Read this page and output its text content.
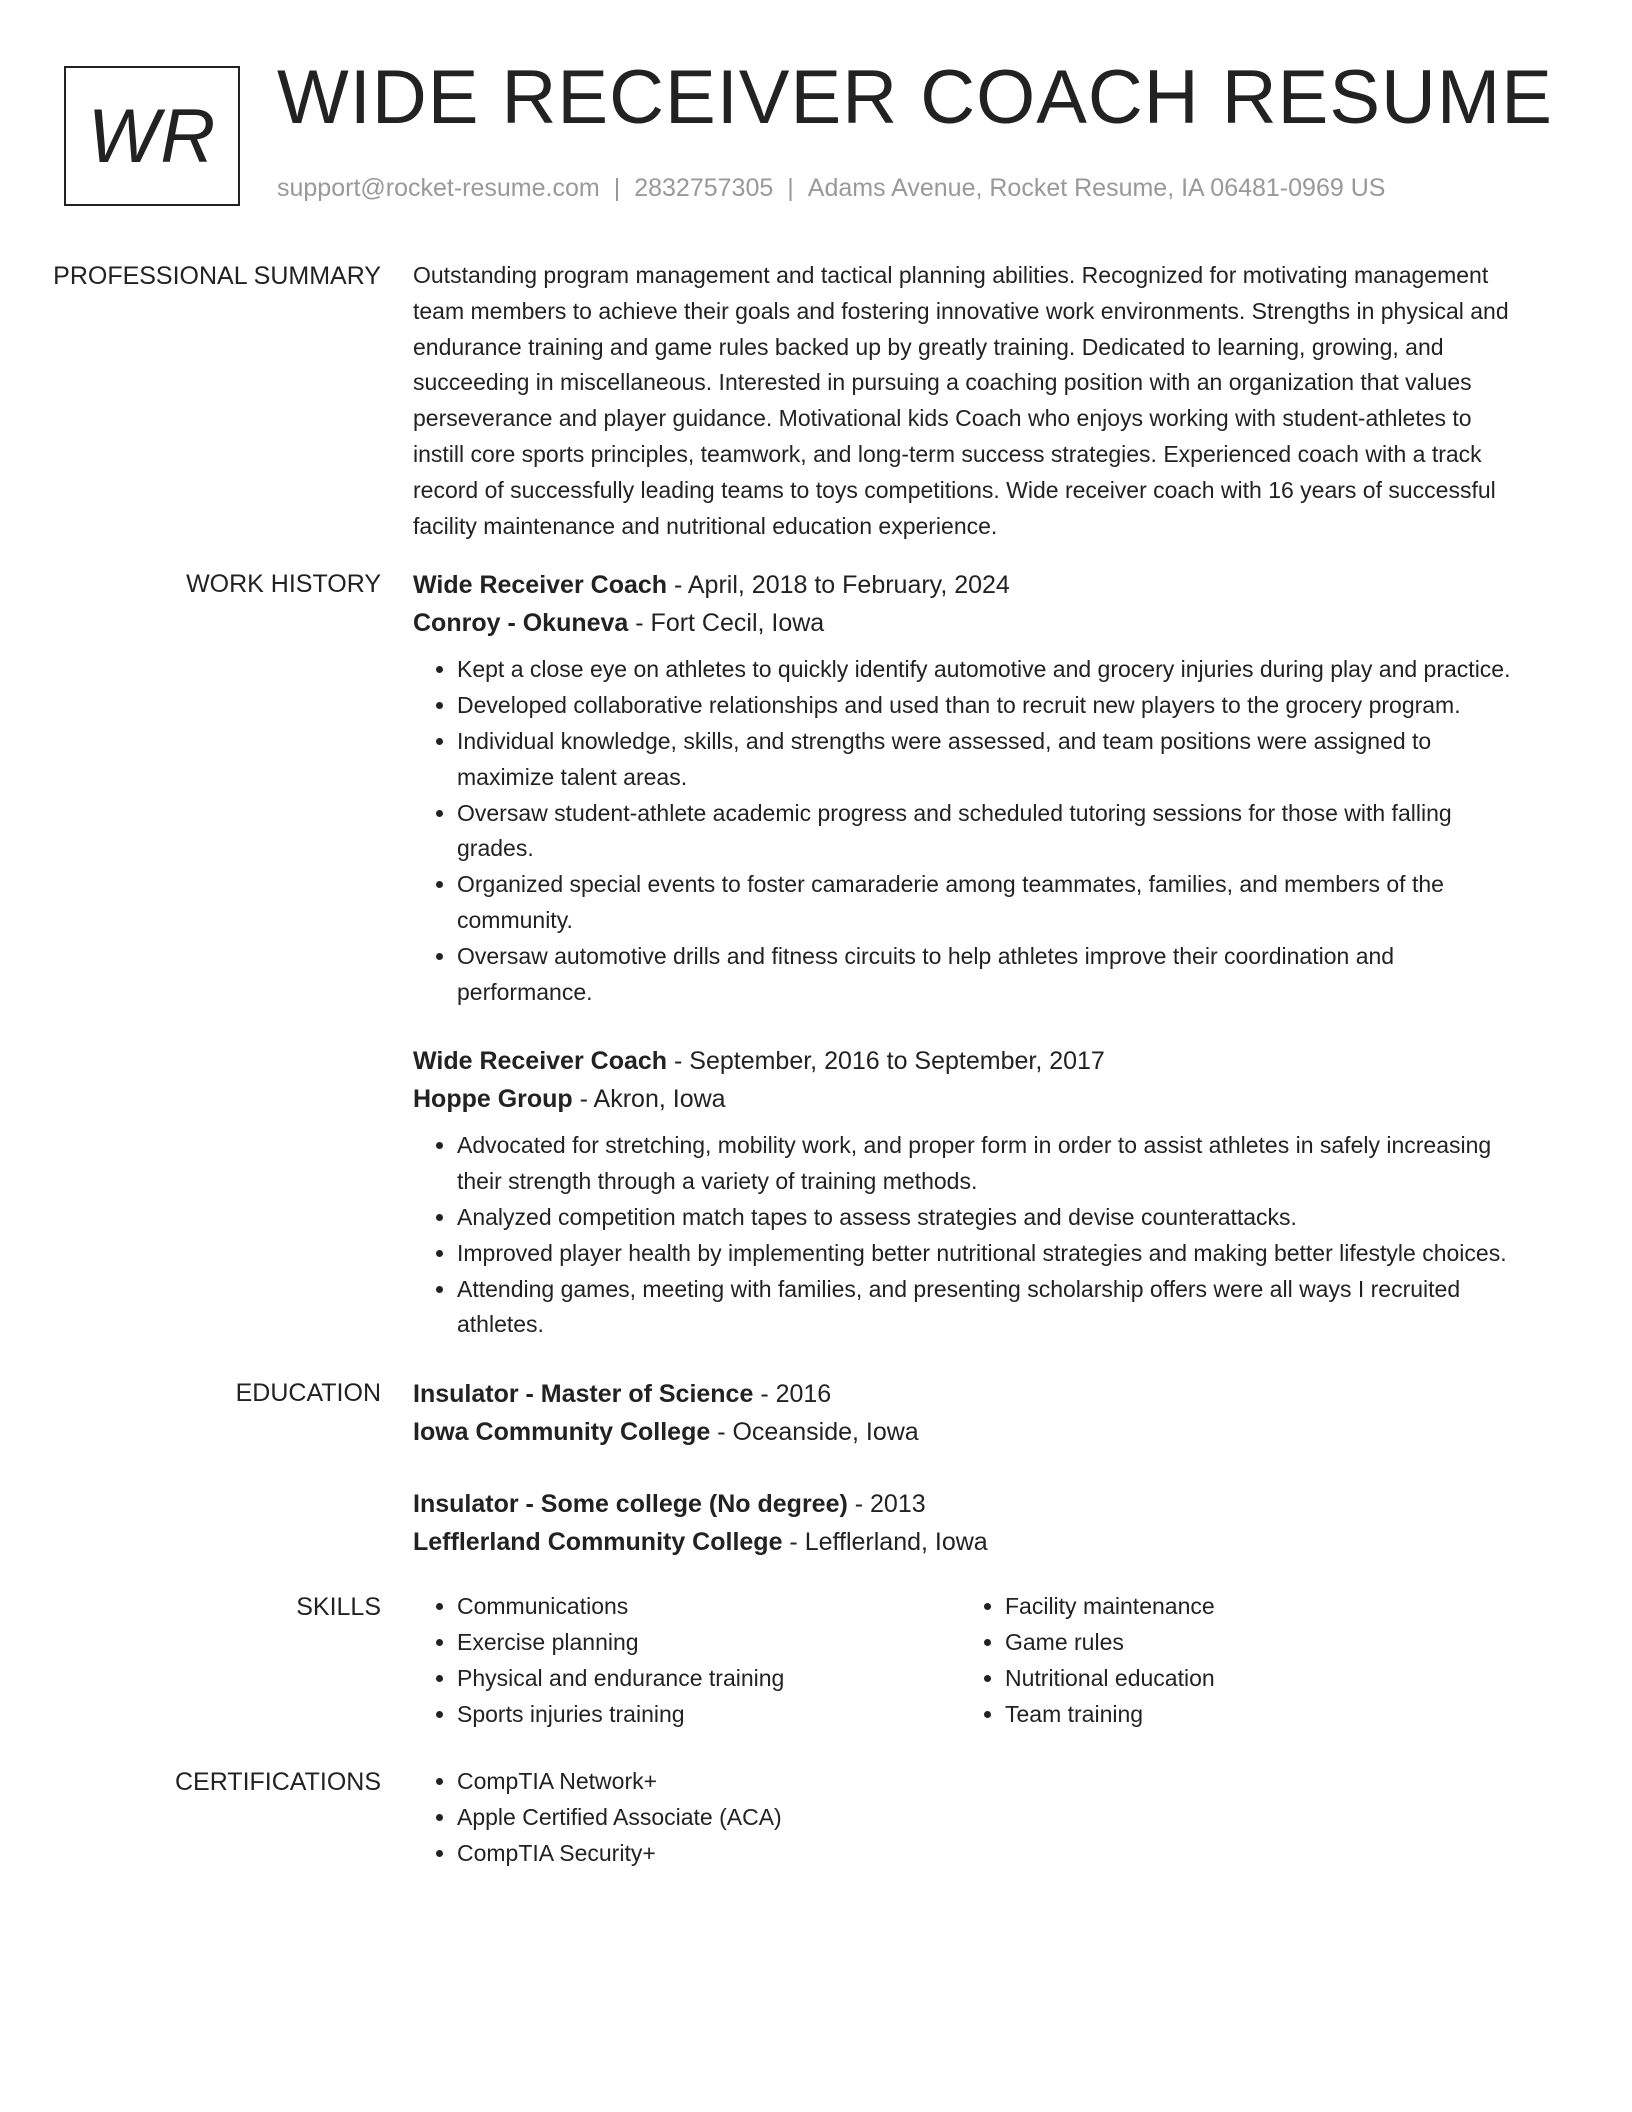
WR WIDE RECEIVER COACH RESUME
support@rocket-resume.com | 2832757305 | Adams Avenue, Rocket Resume, IA 06481-0969 US
PROFESSIONAL SUMMARY	Outstanding program management and tactical planning abilities. Recognized for motivating management team members to achieve their goals and fostering innovative work environments. Strengths in physical and endurance training and game rules backed up by greatly training. Dedicated to learning, growing, and succeeding in miscellaneous. Interested in pursuing a coaching position with an organization that values perseverance and player guidance. Motivational kids Coach who enjoys working with student-athletes to instill core sports principles, teamwork, and long-term success strategies. Experienced coach with a track record of successfully leading teams to toys competitions. Wide receiver coach with 16 years of successful facility maintenance and nutritional education experience.

WORK HISTORY	Wide Receiver Coach - April, 2018 to February, 2024
Conroy - Okuneva - Fort Cecil, Iowa
• Kept a close eye on athletes to quickly identify automotive and grocery injuries during play and practice.
• Developed collaborative relationships and used than to recruit new players to the grocery program.
• Individual knowledge, skills, and strengths were assessed, and team positions were assigned to maximize talent areas.
• Oversaw student-athlete academic progress and scheduled tutoring sessions for those with falling grades.
• Organized special events to foster camaraderie among teammates, families, and members of the community.
• Oversaw automotive drills and fitness circuits to help athletes improve their coordination and performance.
Wide Receiver Coach - September, 2016 to September, 2017
Hoppe Group - Akron, Iowa
• Advocated for stretching, mobility work, and proper form in order to assist athletes in safely increasing their strength through a variety of training methods.
• Analyzed competition match tapes to assess strategies and devise counterattacks.
• Improved player health by implementing better nutritional strategies and making better lifestyle choices.
• Attending games, meeting with families, and presenting scholarship offers were all ways I recruited athletes.
EDUCATION	Insulator - Master of Science - 2016
Iowa Community College - Oceanside, Iowa
Insulator - Some college (No degree) - 2013
Lefflerland Community College - Lefflerland, Iowa
SKILLS	• Communications
• Exercise planning
• Physical and endurance training
• Sports injuries training
• Facility maintenance
• Game rules
• Nutritional education
• Team training
CERTIFICATIONS	• CompTIA Network+
• Apple Certified Associate (ACA)
• CompTIA Security+
